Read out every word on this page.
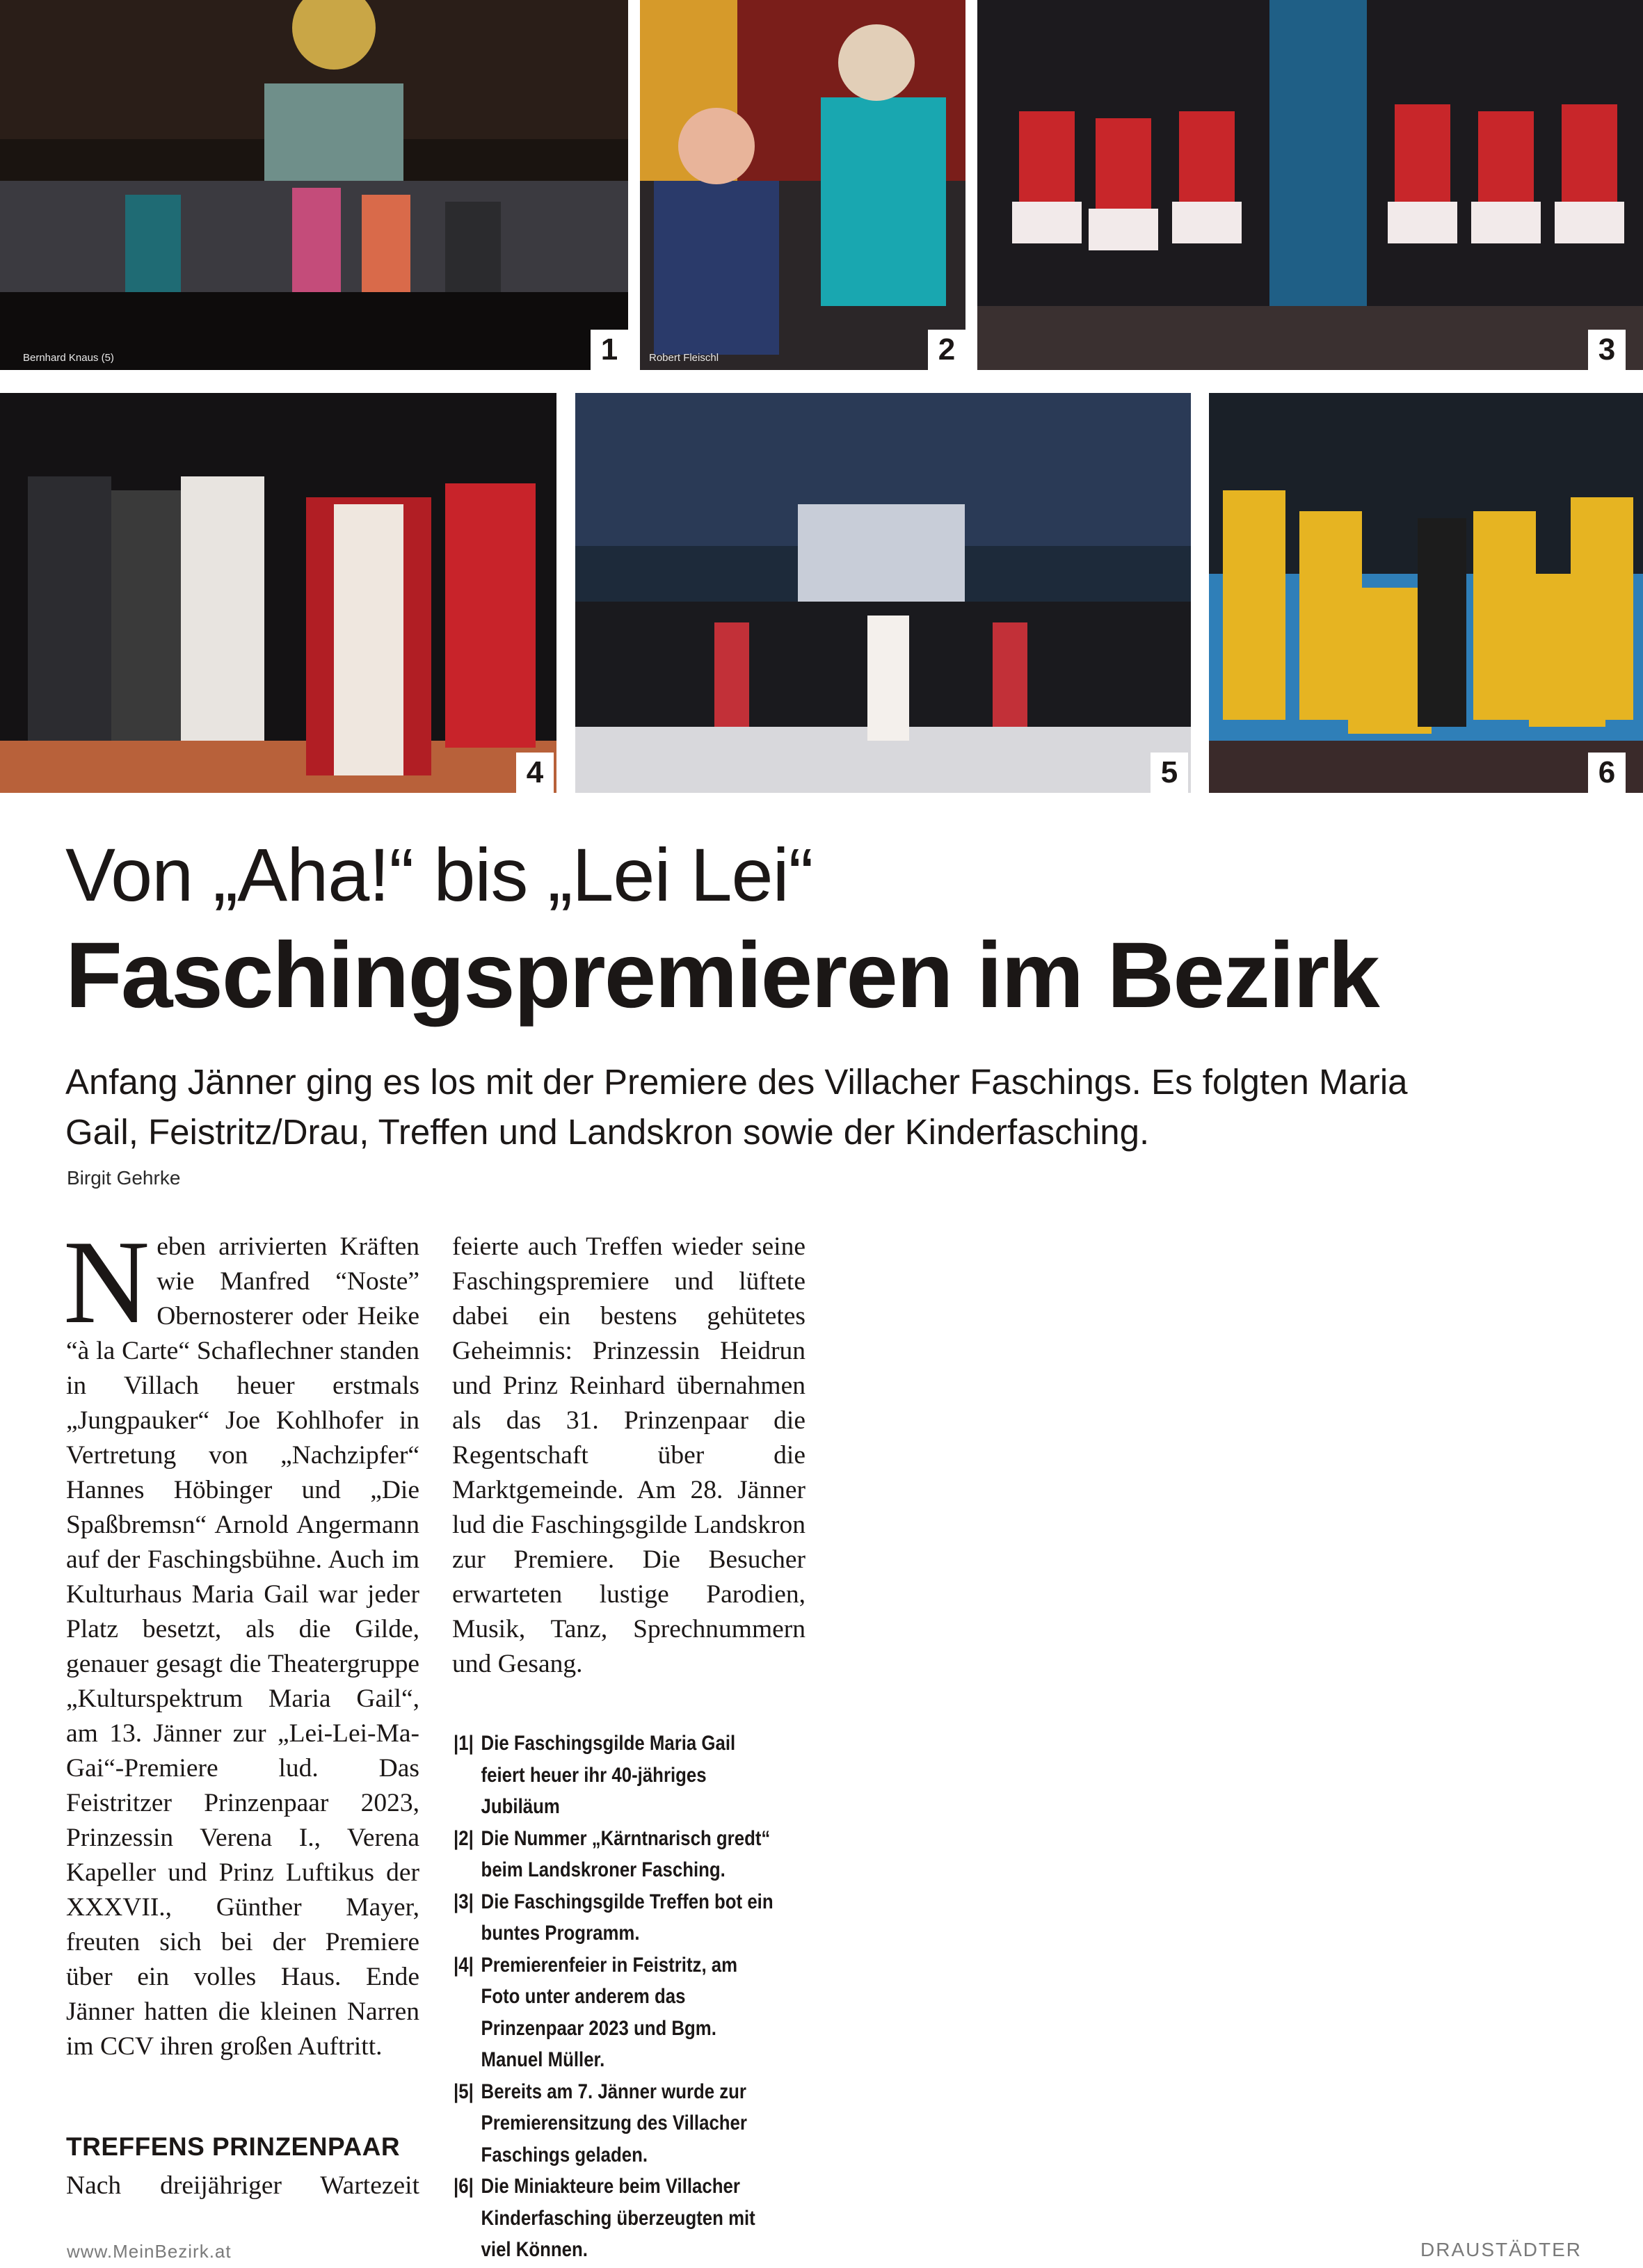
Bernhard Knaus (5)	1	Robert Fleischl	2	3
4	5	6
Von „Aha!“ bis „Lei Lei“
Faschingspremieren im Bezirk
Anfang Jänner ging es los mit der Premiere des Villacher Faschings. Es folgten Maria Gail, Feistritz/Drau, Treffen und Landskron sowie der Kinderfasching.
Birgit Gehrke
N eben arrivierten Kräften wie Manfred “Noste” Obernosterer oder Heike “à la Carte“ Schaflechner standen in Villach heuer erstmals „Jungpauker“ Joe Kohlhofer in Vertretung von „Nachzipfer“ Hannes Höbinger und „Die Spaßbremsn“ Arnold Angermann auf der Faschingsbühne. Auch im Kulturhaus Maria Gail war jeder Platz besetzt, als die Gilde, genauer gesagt die Theatergruppe „Kulturspektrum Maria Gail“, am 13. Jänner zur „Lei-Lei-Ma-Gai“-Premiere lud. Das Feistritzer Prinzenpaar 2023, Prinzessin Verena I., Verena Kapeller und Prinz Luftikus der XXXVII., Günther Mayer, freuten sich bei der Premiere über ein volles Haus. Ende Jänner hatten die kleinen Narren im CCV ihren großen Auftritt.
TREFFENS PRINZENPAAR
Nach dreijähriger Wartezeit
feierte auch Treffen wieder seine Faschingspremiere und lüftete dabei ein bestens gehütetes Geheimnis: Prinzessin Heidrun und Prinz Reinhard übernahmen als das 31. Prinzenpaar die Regentschaft über die Marktgemeinde. Am 28. Jänner lud die Faschingsgilde Landskron zur Premiere. Die Besucher erwarteten lustige Parodien, Musik, Tanz, Sprechnummern und Gesang.
|1| Die Faschingsgilde Maria Gail feiert heuer ihr 40-jähriges Jubiläum
|2| Die Nummer „Kärntnarisch gredt“ beim Landskroner Fasching.
|3| Die Faschingsgilde Treffen bot ein buntes Programm.
|4| Premierenfeier in Feistritz, am Foto unter anderem das Prinzenpaar 2023 und Bgm. Manuel Müller.
|5| Bereits am 7. Jänner wurde zur Premierensitzung des Villacher Faschings geladen.
|6| Die Miniakteure beim Villacher Kinderfasching überzeugten mit viel Können.
www.MeinBezirk.at	DRAUSTÄDTER
